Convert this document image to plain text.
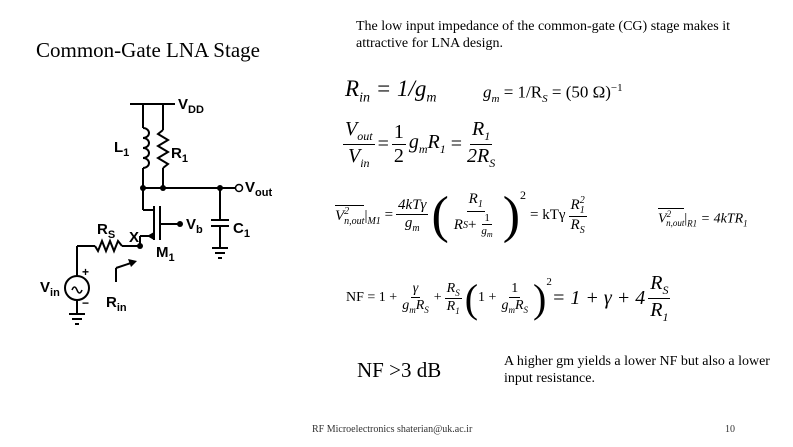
Common-Gate LNA Stage
The low input impedance of the common-gate (CG) stage makes it attractive for LNA design.
$V_{DD}$
$L_1$	$R_1$
$V_{out}$
$V_b$ $C_1$
$R_S$ X
$M_1$
$V_{in}$
$R_{in}$
+
−
$R_{in} = 1/g_m$	$g_m = 1/R_S = (50$ Ω)$^{-1}$
$\frac{V_{out}}{V_{in}} = \frac{1}{2} g_mR_1 = \frac{R_1}{2R_S}$
$V^2_{n,out}|_{M1} = \frac{\text{4kTγ}}{g_m}$ ( $\frac{R_1}{R S + \frac{1}{g_m}} )^2$
= kTγ $\frac{R^2_1}{R_S}$	$V^2_{n,out}|_{R1} = 4kTR_1$
NF = $1 + \frac{\gamma}{g_mR_S} + \frac{R_S}{R_1}$ ( $1 + \frac{1}{g_mR_S} )^2$
= $1 + \gamma + 4 \frac{R_S}{R_1}$
NF >3 dB	A higher gm yields a lower NF but also a lower input resistance.
RF Microelectronics shaterian@uk.ac.ir	10
